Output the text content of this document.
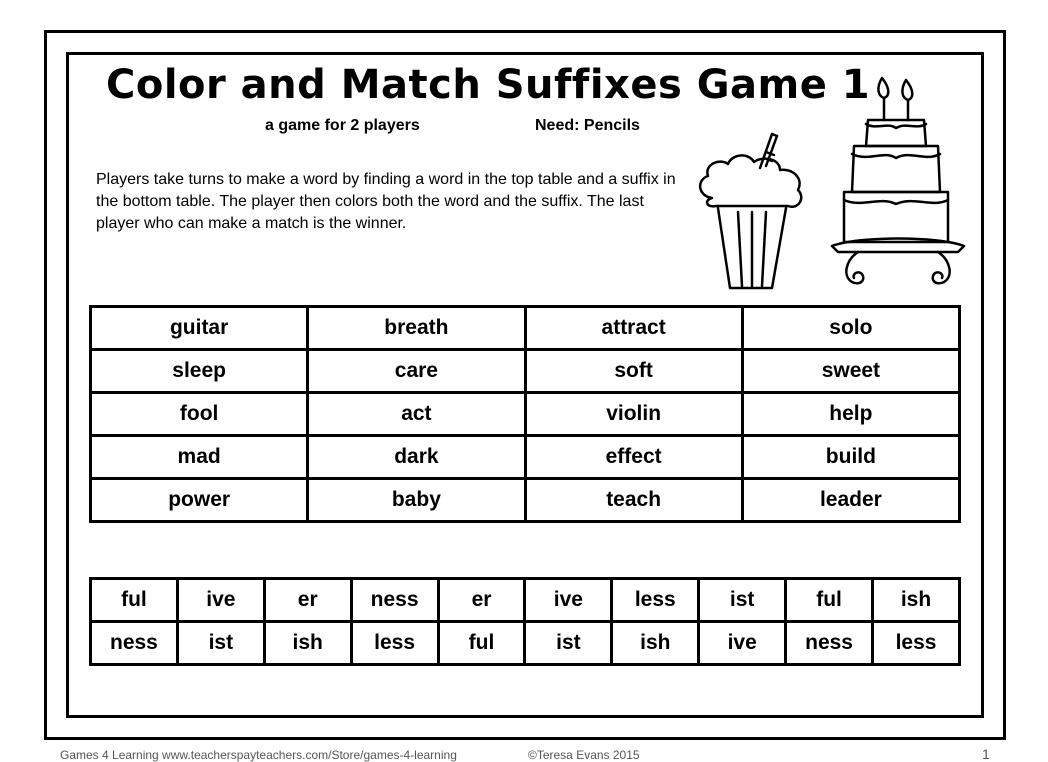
Color and Match Suffixes Game 1
a game for 2 players	Need: Pencils
Players take turns to make a word by finding a word in the top table and a suffix in the bottom table. The player then colors both the word and the suffix. The last player who can make a match is the winner.
guitar	breath	attract	solo
sleep	care	soft	sweet
fool	act	violin	help
mad	dark	effect	build
power	baby	teach	leader
ful	ive	er	ness	er	ive	less	ist	ful	ish
ness	ist	ish	less	ful	ist	ish	ive	ness	less
Games 4 Learning www.teacherspayteachers.com/Store/games-4-learning	©Teresa Evans 2015	1
